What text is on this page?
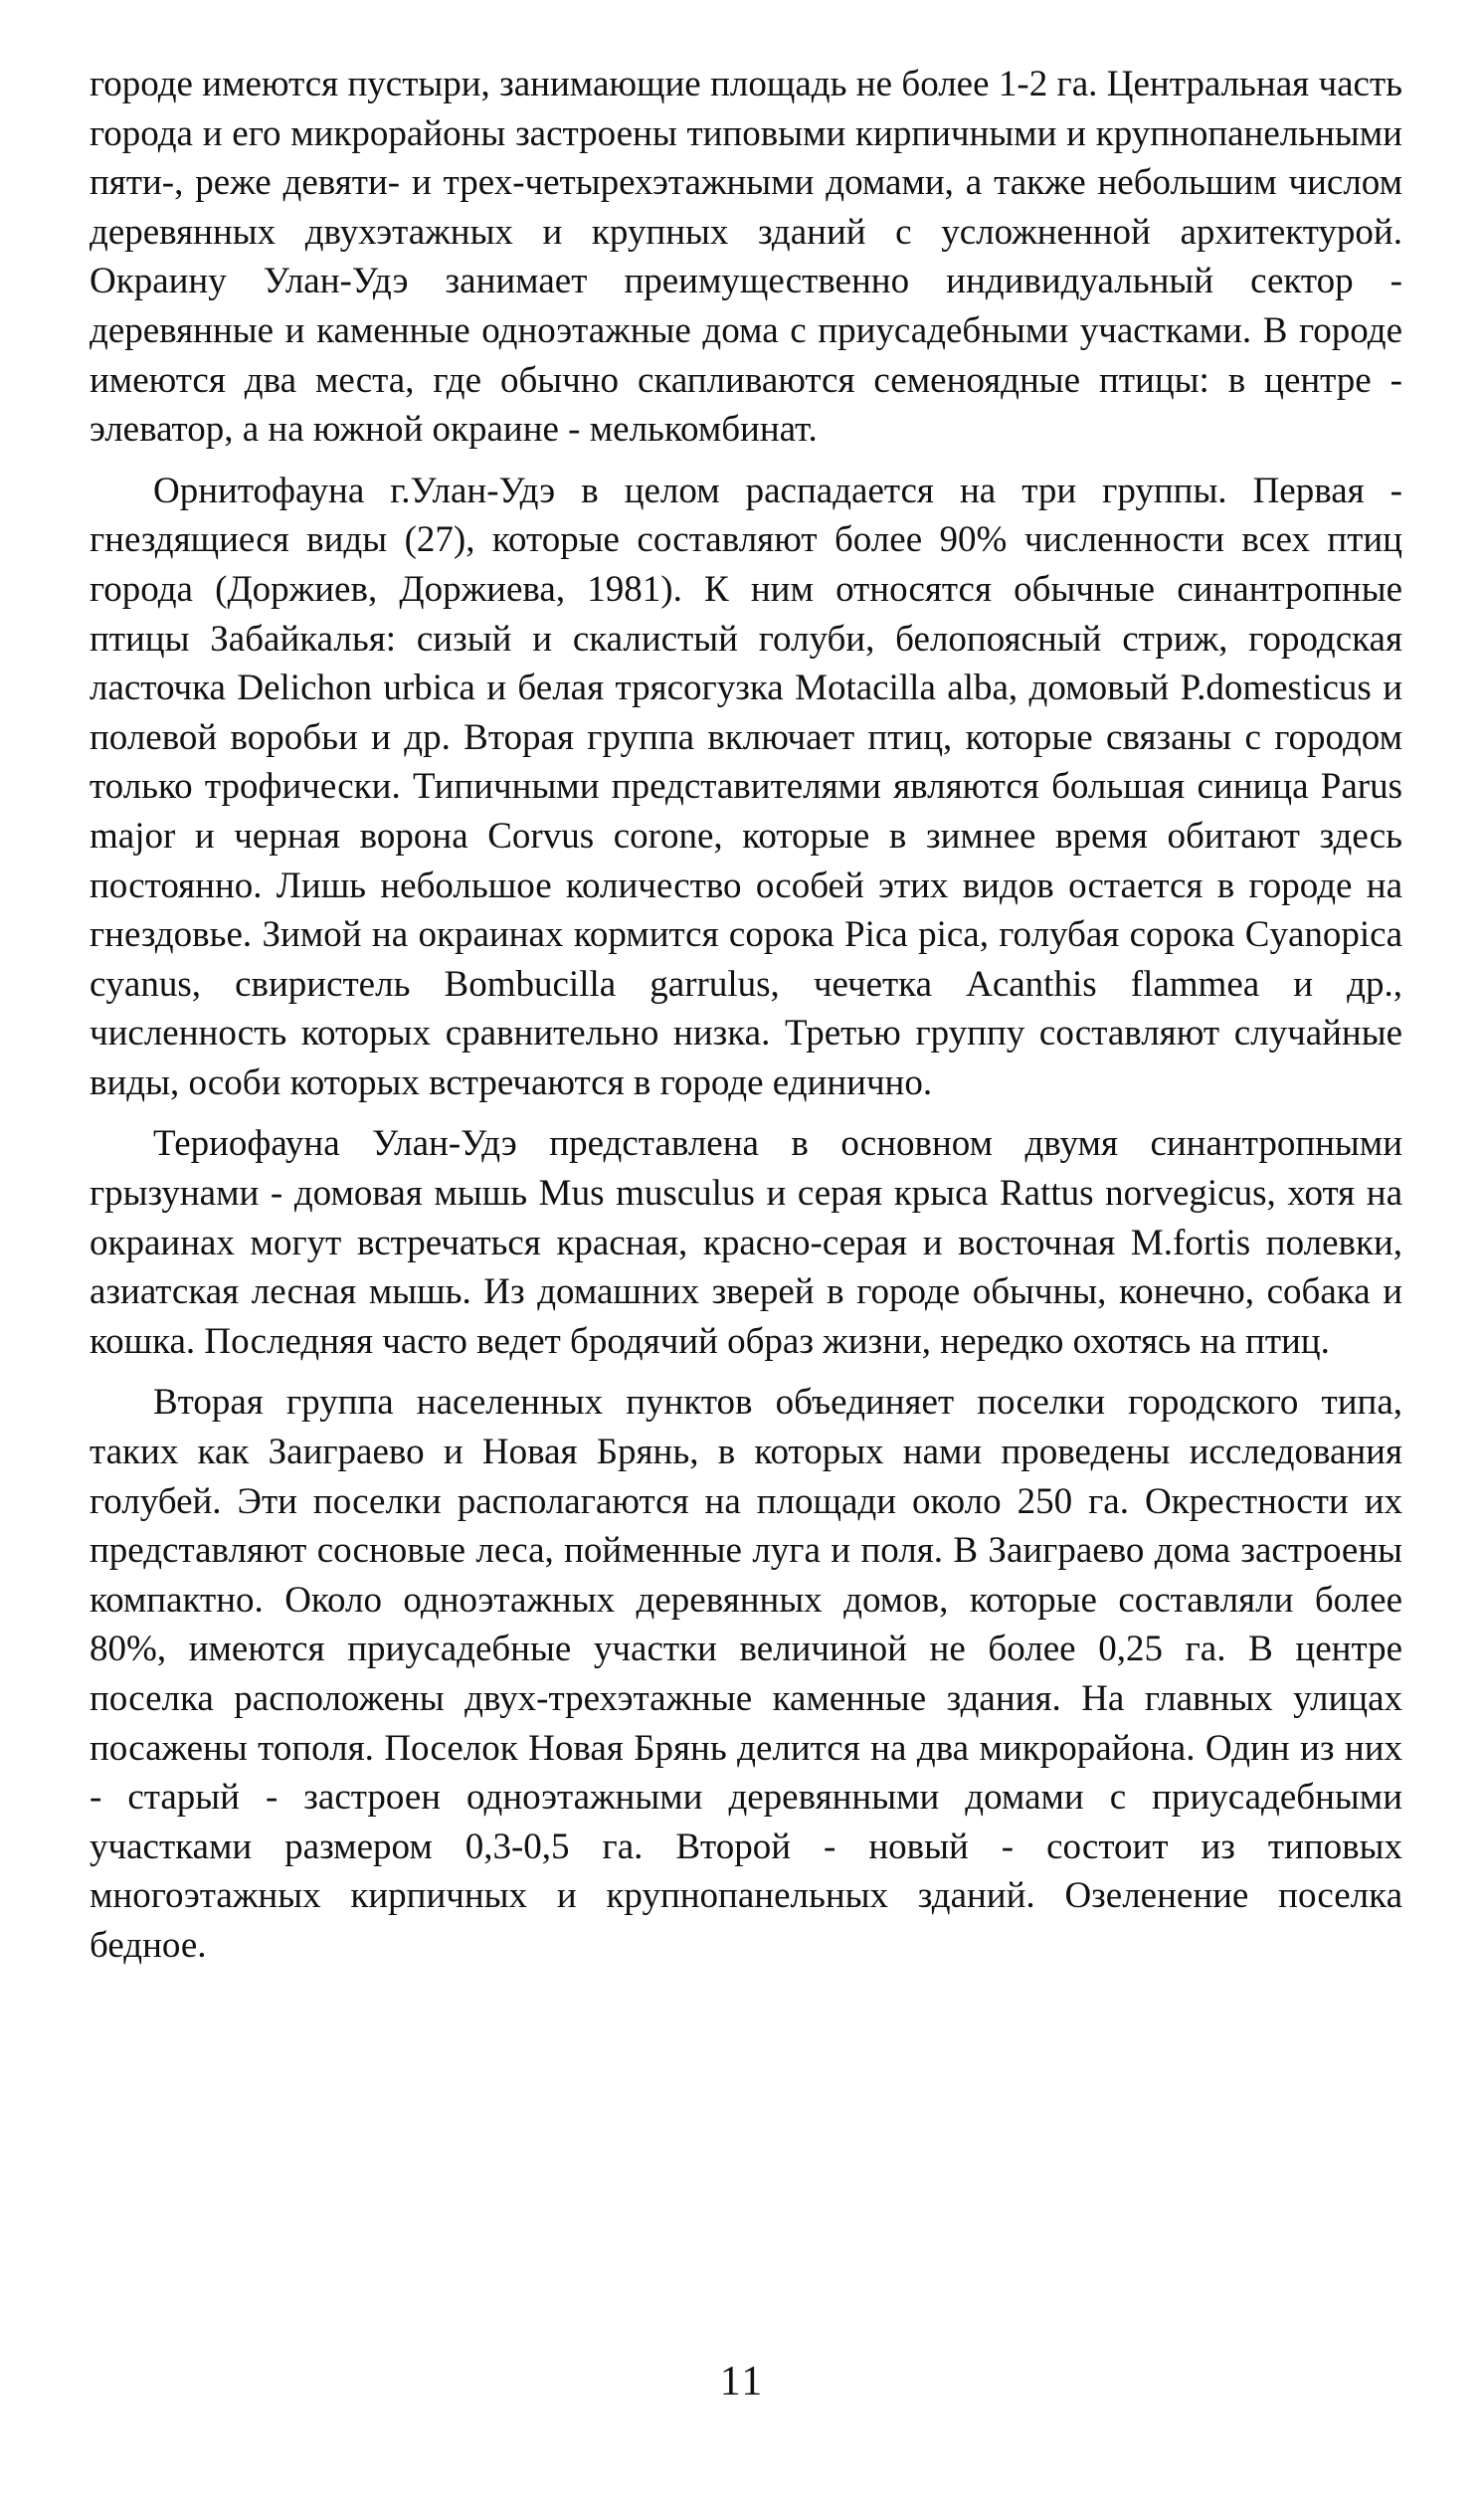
городе имеются пустыри, занимающие площадь не более 1-2 га. Центральная часть города и его микрорайоны застроены типовыми кирпичными и крупнопанельными пяти-, реже девяти- и трех-четырехэтажными домами, а также небольшим числом деревянных двухэтажных и крупных зданий с усложненной архитектурой. Окраину Улан-Удэ занимает преимущественно индивидуальный сектор - деревянные и каменные одноэтажные дома с приусадебными участками. В городе имеются два места, где обычно скапливаются семеноядные птицы: в центре - элеватор, а на южной окраине - мелькомбинат.

Орнитофауна г.Улан-Удэ в целом распадается на три группы. Первая - гнездящиеся виды (27), которые составляют более 90% численности всех птиц города (Доржиев, Доржиева, 1981). К ним относятся обычные синантропные птицы Забайкалья: сизый и скалистый голуби, белопоясный стриж, городская ласточка Delichon urbica и белая трясогузка Motacilla alba, домовый P.domesticus и полевой воробьи и др. Вторая группа включает птиц, которые связаны с городом только трофически. Типичными представителями являются большая синица Parus major и черная ворона Corvus corone, которые в зимнее время обитают здесь постоянно. Лишь небольшое количество особей этих видов остается в городе на гнездовье. Зимой на окраинах кормится сорока Pica pica, голубая сорока Cyanopica cyanus, свиристель Bombucilla garrulus, чечетка Acanthis flammea и др., численность которых сравнительно низка. Третью группу составляют случайные виды, особи которых встречаются в городе единично.

Териофауна Улан-Удэ представлена в основном двумя синантропными грызунами - домовая мышь Mus musculus и серая крыса Rattus norvegicus, хотя на окраинах могут встречаться красная, красно-серая и восточная M.fortis полевки, азиатская лесная мышь. Из домашних зверей в городе обычны, конечно, собака и кошка. Последняя часто ведет бродячий образ жизни, нередко охотясь на птиц.

Вторая группа населенных пунктов объединяет поселки городского типа, таких как Заиграево и Новая Брянь, в которых нами проведены исследования голубей. Эти поселки располагаются на площади около 250 га. Окрестности их представляют сосновые леса, пойменные луга и поля. В Заиграево дома застроены компактно. Около одноэтажных деревянных домов, которые составляли более 80%, имеются приусадебные участки величиной не более 0,25 га. В центре поселка расположены двух-трехэтажные каменные здания. На главных улицах посажены тополя. Поселок Новая Брянь делится на два микрорайона. Один из них - старый - застроен одноэтажными деревянными домами с приусадебными участками размером 0,3-0,5 га. Второй - новый - состоит из типовых многоэтажных кирпичных и крупнопанельных зданий. Озеленение поселка бедное.

11
